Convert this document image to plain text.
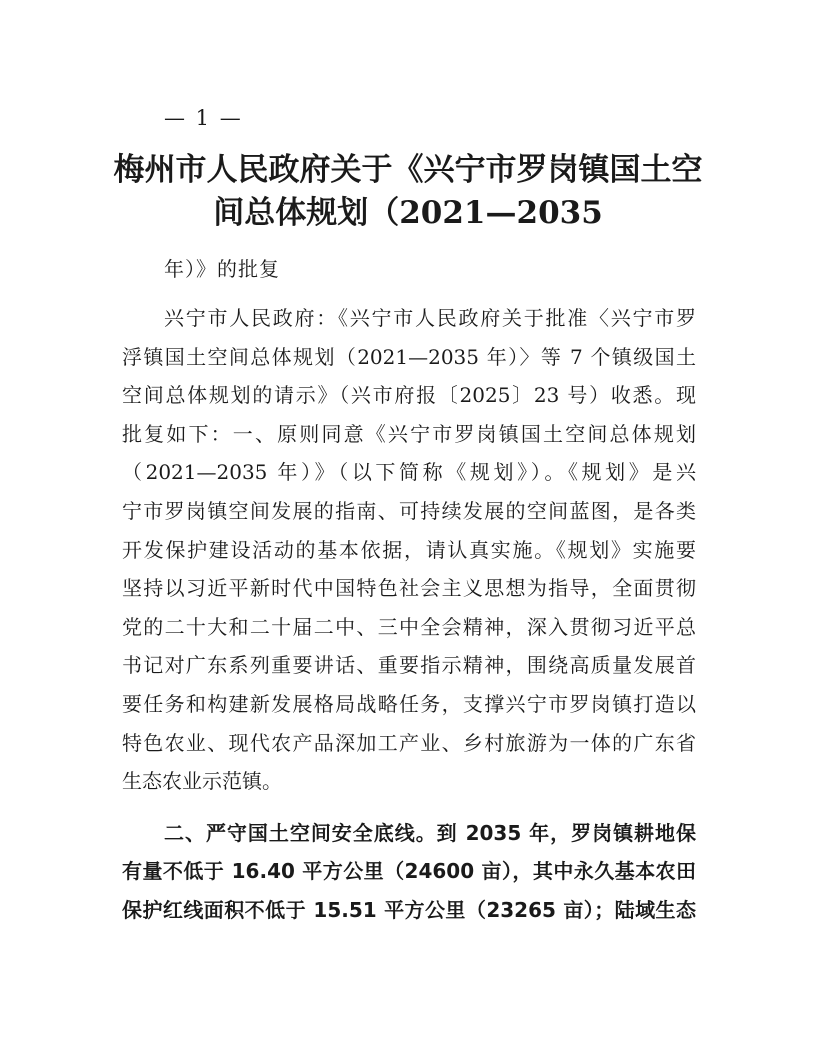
— 1 —
梅州市人民政府关于《兴宁市罗岗镇国土空
间总体规划（2021—2035
年）》的批复
兴宁市人民政府：《兴宁市人民政府关于批准〈兴宁市罗
浮镇国土空间总体规划（2021—2035 年）〉等 7 个镇级国土
空间总体规划的请示》（兴市府报〔2025〕23 号）收悉。现
批复如下：一、原则同意《兴宁市罗岗镇国土空间总体规划
（2021—2035 年）》（以下简称《规划》）。《规划》是兴
宁市罗岗镇空间发展的指南、可持续发展的空间蓝图，是各类
开发保护建设活动的基本依据，请认真实施。《规划》实施要
坚持以习近平新时代中国特色社会主义思想为指导，全面贯彻
党的二十大和二十届二中、三中全会精神，深入贯彻习近平总
书记对广东系列重要讲话、重要指示精神，围绕高质量发展首
要任务和构建新发展格局战略任务，支撑兴宁市罗岗镇打造以
特色农业、现代农产品深加工产业、乡村旅游为一体的广东省
生态农业示范镇。
二、严守国土空间安全底线。到 2035 年，罗岗镇耕地保
有量不低于 16.40 平方公里（24600 亩），其中永久基本农田
保护红线面积不低于 15.51 平方公里（23265 亩）；陆域生态
